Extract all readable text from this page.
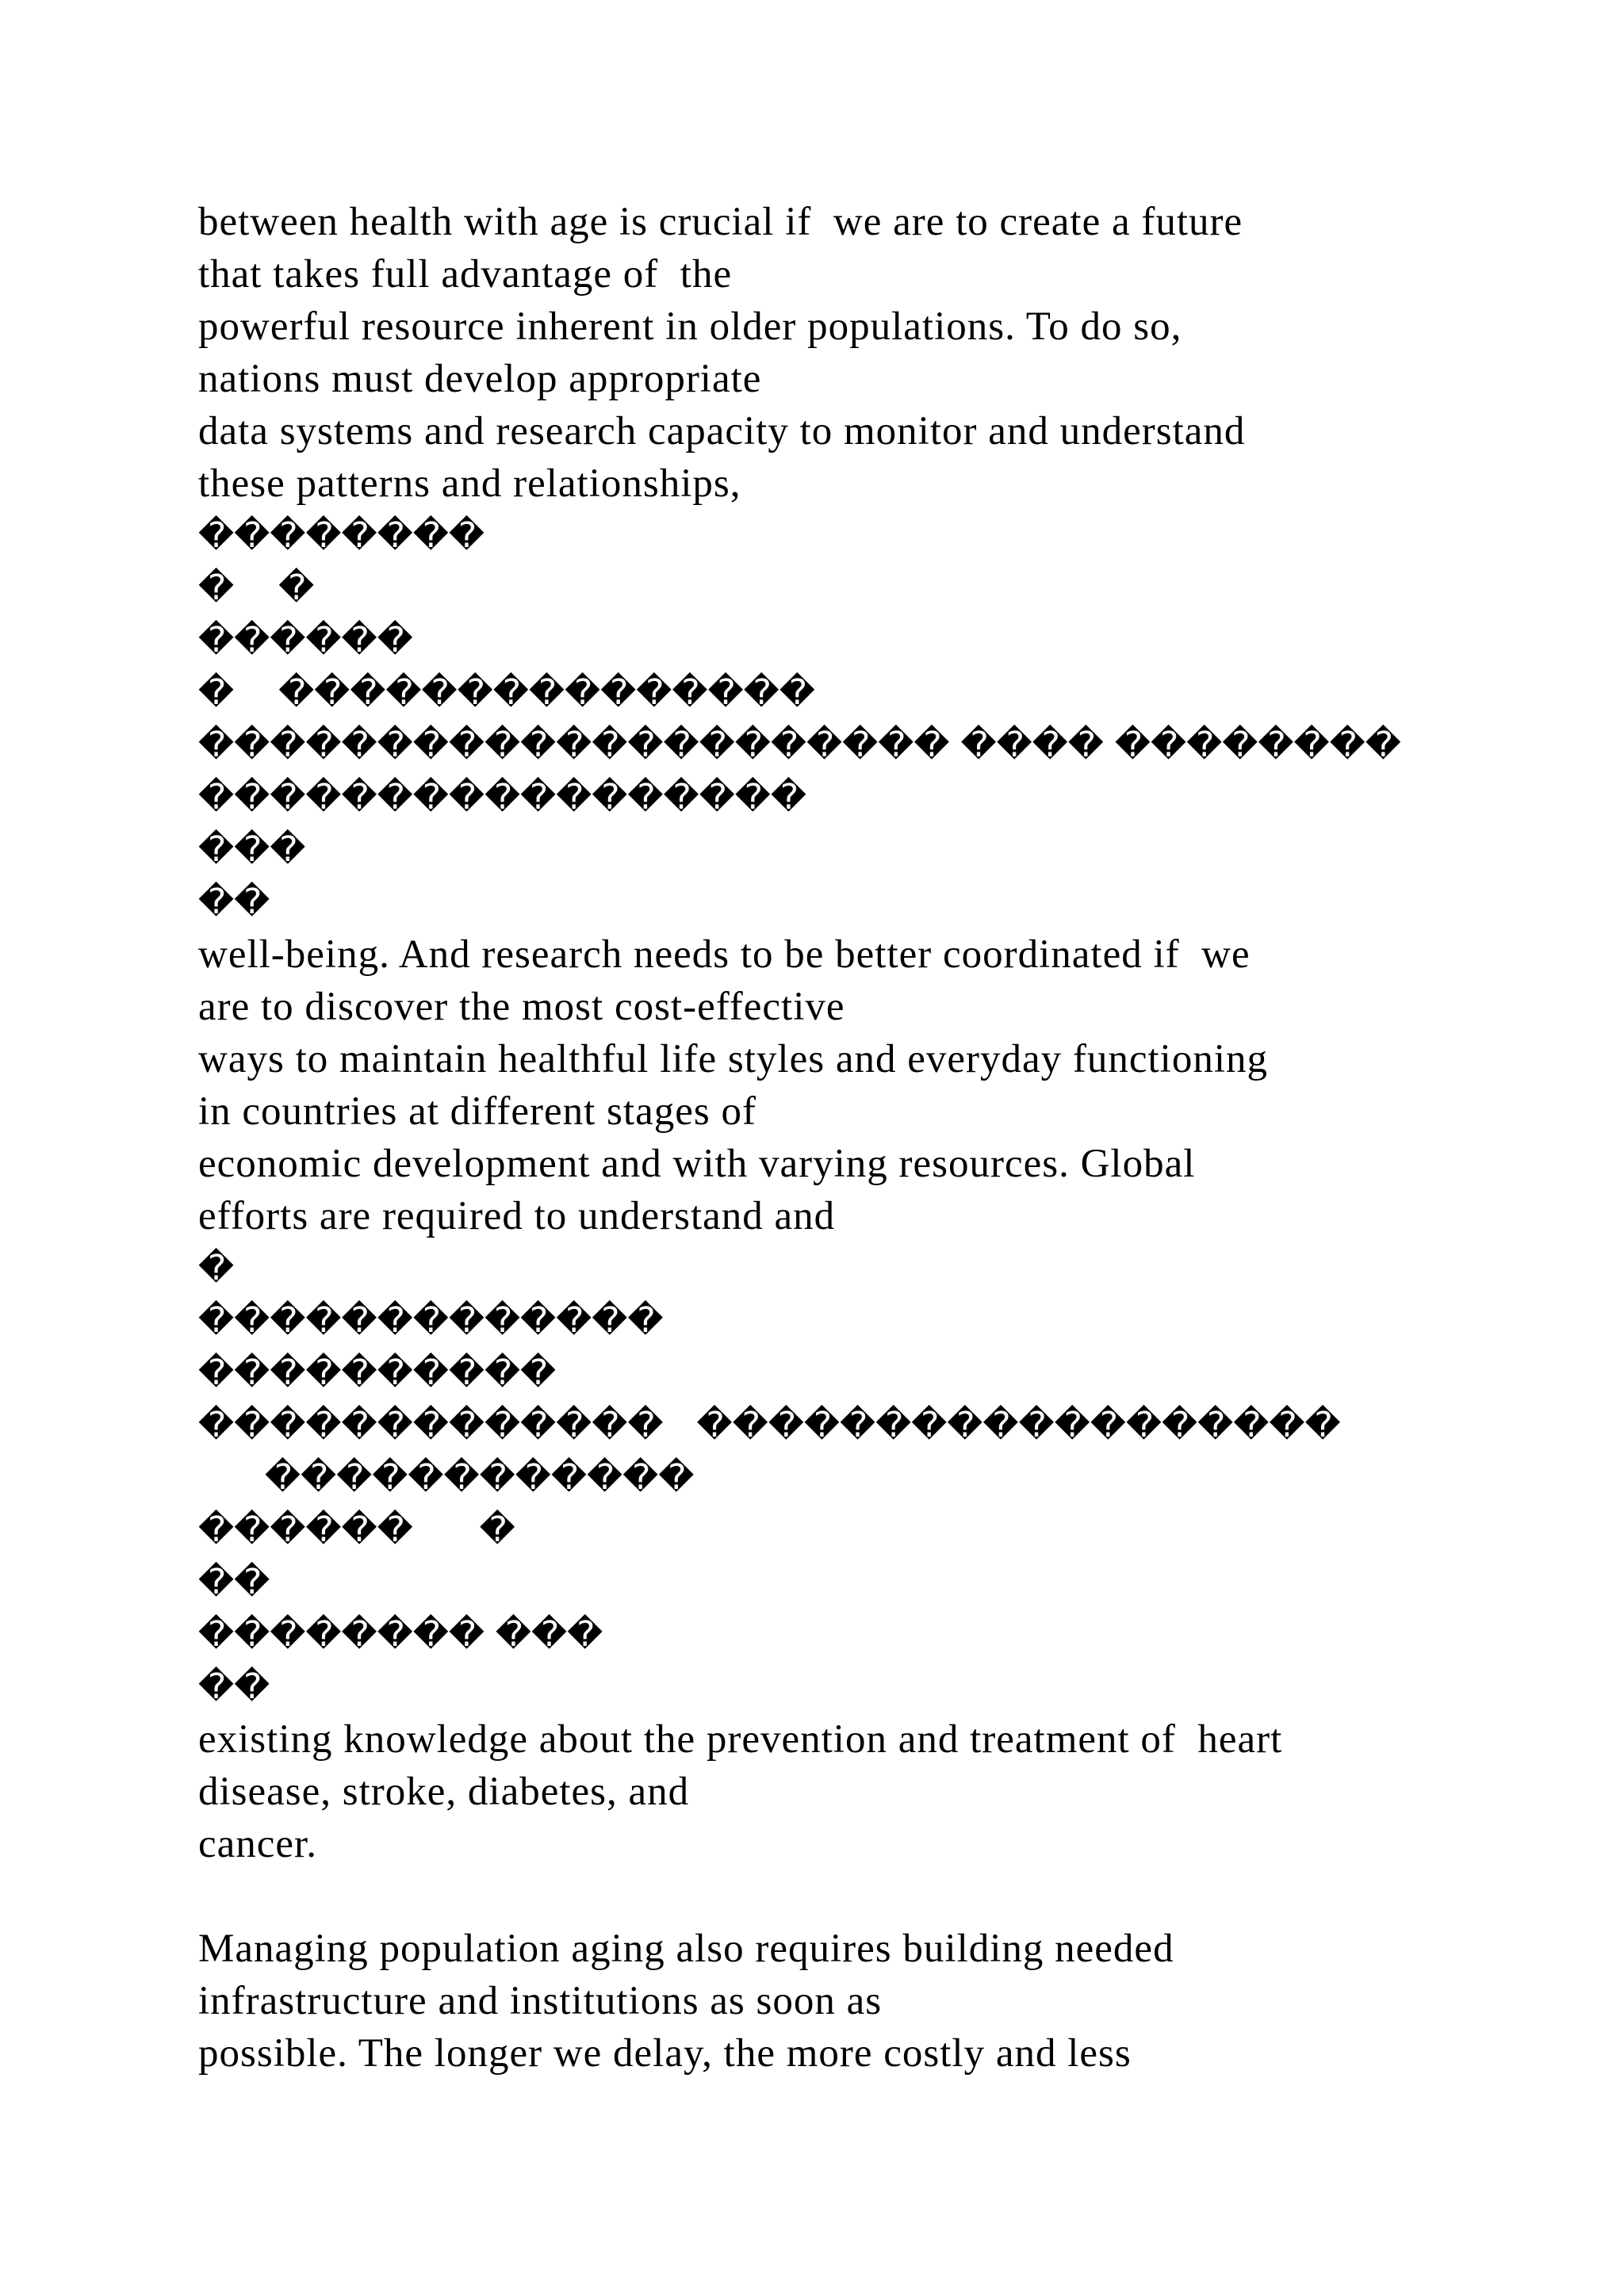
between health with age is crucial if  we are to create a future
that takes full advantage of  the
powerful resource inherent in older populations. To do so,
nations must develop appropriate
data systems and research capacity to monitor and understand
these patterns and relationships,
��������
�    �
������
�    ���������������
��������������������� ���� ��������
�����������������
���
��
well-being. And research needs to be better coordinated if  we
are to discover the most cost-effective
ways to maintain healthful life styles and everyday functioning
in countries at different stages of
economic development and with varying resources. Global
efforts are required to understand and
�
�������������
����������
�������������   ������������������
������������
������      �
��
�������� ���
��
existing knowledge about the prevention and treatment of  heart
disease, stroke, diabetes, and
cancer.
Managing population aging also requires building needed
infrastructure and institutions as soon as
possible. The longer we delay, the more costly and less
